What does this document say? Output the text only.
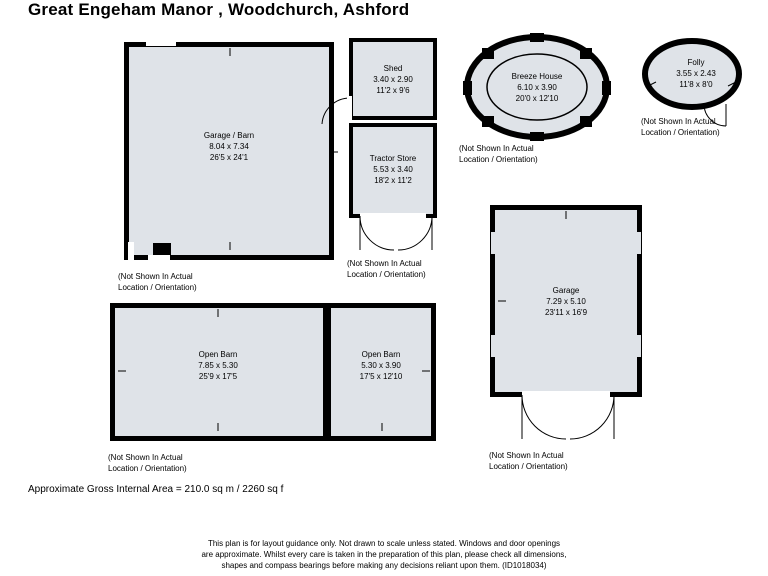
Great Engeham Manor , Woodchurch, Ashford
Garage / Barn
8.04 x 7.34
26'5 x 24'1
(Not Shown In Actual
Location / Orientation)
Shed
3.40 x 2.90
11'2 x 9'6
Tractor Store
5.53 x 3.40
18'2 x 11'2
(Not Shown In Actual
Location / Orientation)
Breeze House
6.10 x 3.90
20'0 x 12'10
(Not Shown In Actual
Location / Orientation)
Folly
3.55 x 2.43
11'8 x 8'0
(Not Shown In Actual
Location / Orientation)
Garage
7.29 x 5.10
23'11 x 16'9
(Not Shown In Actual
Location / Orientation)
Open Barn
7.85 x 5.30
25'9 x 17'5
Open Barn
5.30 x 3.90
17'5 x 12'10
(Not Shown In Actual
Location / Orientation)
Approximate Gross Internal Area = 210.0 sq m / 2260 sq f
This plan is for layout guidance only. Not drawn to scale unless stated. Windows and door openings
are approximate. Whilst every care is taken in the preparation of this plan, please check all dimensions,
shapes and compass bearings before making any decisions reliant upon them. (ID1018034)
